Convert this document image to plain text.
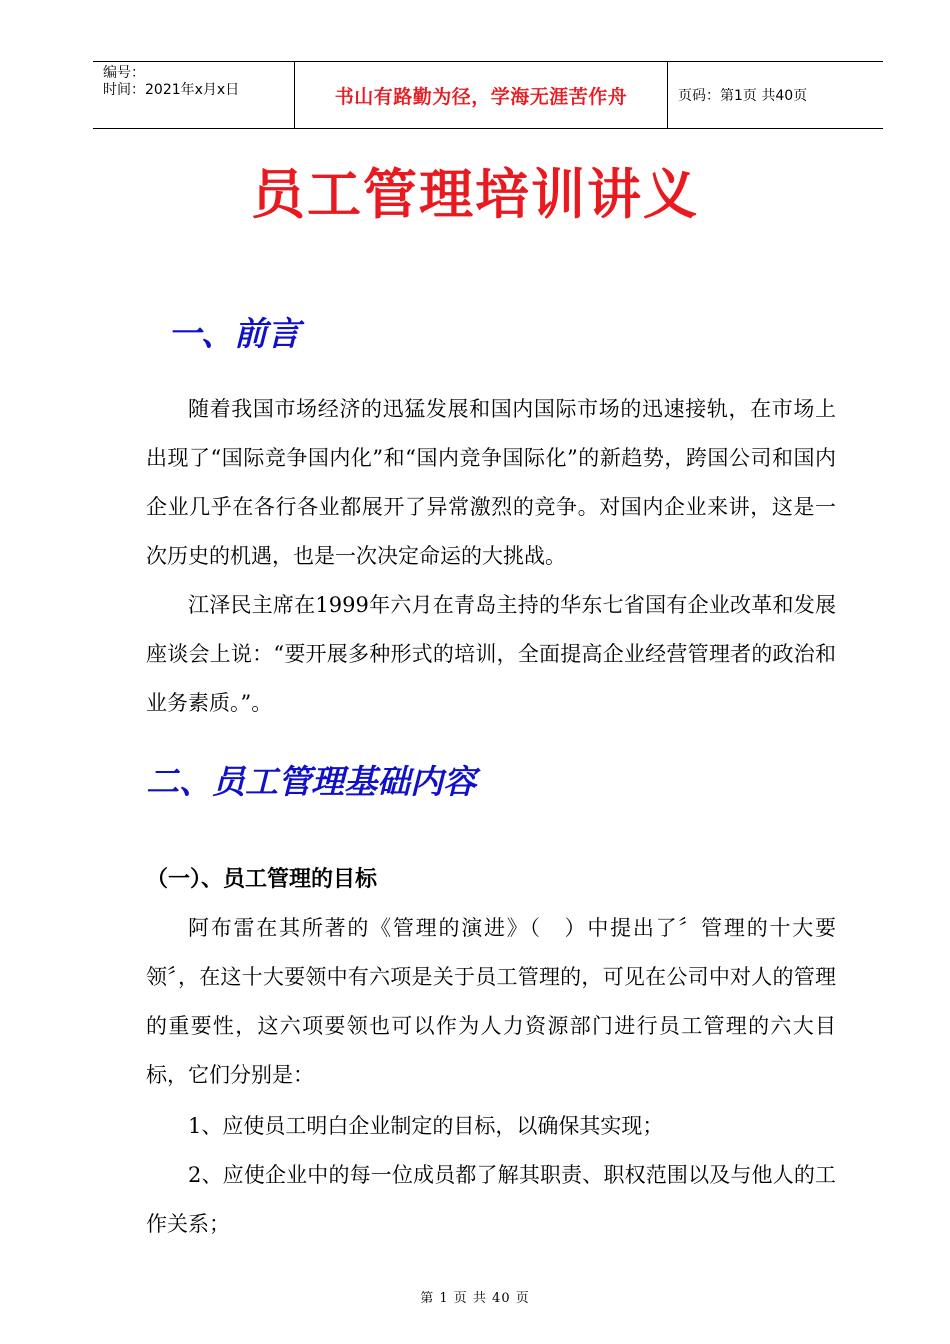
编号：
时间：2021年x月x日	书山有路勤为径，学海无涯苦作舟	页码：第1页 共40页
员工管理培训讲义
一、前言

随着我国市场经济的迅猛发展和国内国际市场的迅速接轨，在市场上出现了“国际竞争国内化”和“国内竞争国际化”的新趋势，跨国公司和国内企业几乎在各行各业都展开了异常激烈的竞争。对国内企业来讲，这是一次历史的机遇，也是一次决定命运的大挑战。

江泽民主席在1999年六月在青岛主持的华东七省国有企业改革和发展座谈会上说：“要开展多种形式的培训，全面提高企业经营管理者的政治和业务素质。”。

二、员工管理基础内容
（一）、员工管理的目标

阿布雷在其所著的《管理的演进》（　）中提出了〞管理的十大要领〞，在这十大要领中有六项是关于员工管理的，可见在公司中对人的管理的重要性，这六项要领也可以作为人力资源部门进行员工管理的六大目标，它们分别是：

1、应使员工明白企业制定的目标，以确保其实现；

2、应使企业中的每一位成员都了解其职责、职权范围以及与他人的工作关系；

第 1 页 共 40 页
